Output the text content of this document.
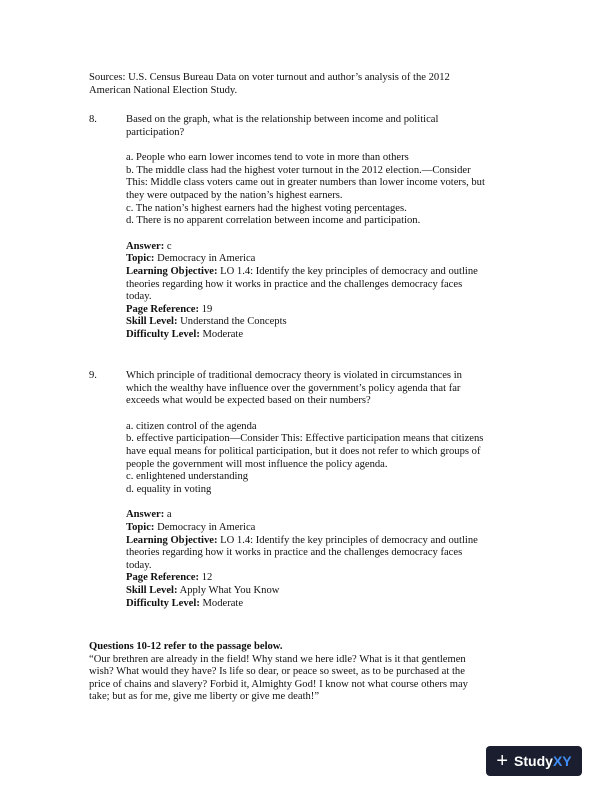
Sources: U.S. Census Bureau Data on voter turnout and author’s analysis of the 2012
American National Election Study.
8.	Based on the graph, what is the relationship between income and political
participation?
a. People who earn lower incomes tend to vote in more than others
b. The middle class had the highest voter turnout in the 2012 election.—Consider
This: Middle class voters came out in greater numbers than lower income voters, but
they were outpaced by the nation’s highest earners.
c. The nation’s highest earners had the highest voting percentages.
d. There is no apparent correlation between income and participation.
Answer: c
Topic: Democracy in America
Learning Objective: LO 1.4: Identify the key principles of democracy and outline
theories regarding how it works in practice and the challenges democracy faces
today.
Page Reference: 19
Skill Level: Understand the Concepts
Difficulty Level: Moderate
9.	Which principle of traditional democracy theory is violated in circumstances in
which the wealthy have influence over the government’s policy agenda that far
exceeds what would be expected based on their numbers?
a. citizen control of the agenda
b. effective participation—Consider This: Effective participation means that citizens
have equal means for political participation, but it does not refer to which groups of
people the government will most influence the policy agenda.
c. enlightened understanding
d. equality in voting
Answer: a
Topic: Democracy in America
Learning Objective: LO 1.4: Identify the key principles of democracy and outline
theories regarding how it works in practice and the challenges democracy faces
today.
Page Reference: 12
Skill Level: Apply What You Know
Difficulty Level: Moderate
Questions 10-12 refer to the passage below.
“Our brethren are already in the field! Why stand we here idle? What is it that gentlemen
wish? What would they have? Is life so dear, or peace so sweet, as to be purchased at the
price of chains and slavery? Forbid it, Almighty God! I know not what course others may
take; but as for me, give me liberty or give me death!”
+ Study XY
